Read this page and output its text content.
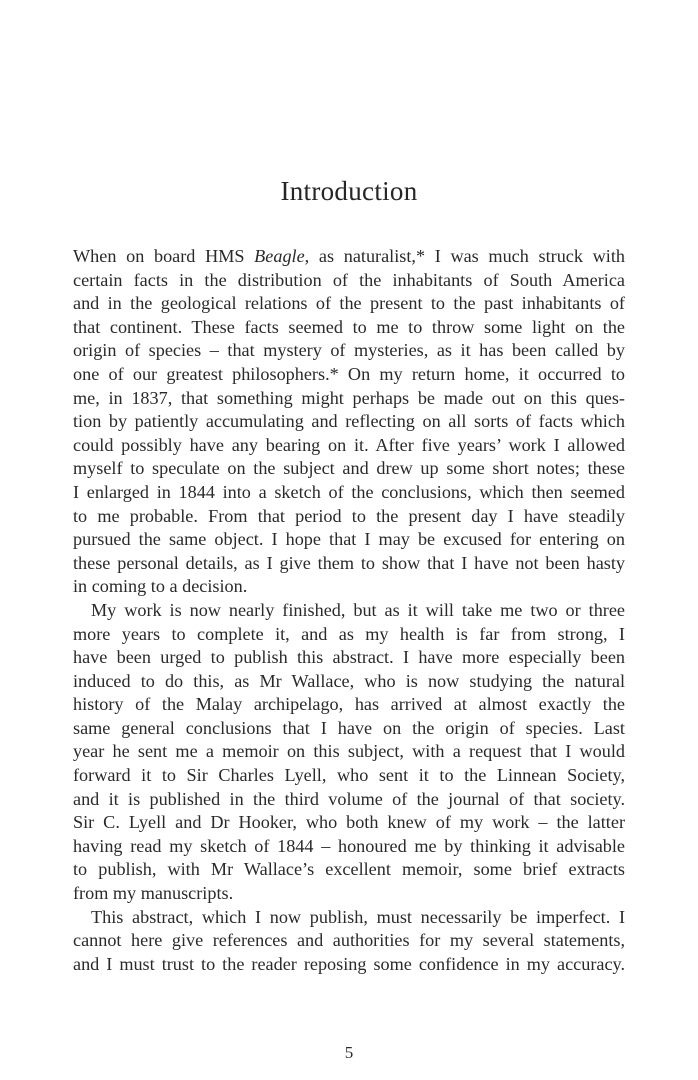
Introduction
When on board HMS Beagle, as naturalist,* I was much struck with
certain facts in the distribution of the inhabitants of South America
and in the geological relations of the present to the past inhabitants of
that continent. These facts seemed to me to throw some light on the
origin of species – that mystery of mysteries, as it has been called by
one of our greatest philosophers.* On my return home, it occurred to
me, in 1837, that something might perhaps be made out on this ques-
tion by patiently accumulating and reflecting on all sorts of facts which
could possibly have any bearing on it. After five years’ work I allowed
myself to speculate on the subject and drew up some short notes; these
I enlarged in 1844 into a sketch of the conclusions, which then seemed
to me probable. From that period to the present day I have steadily
pursued the same object. I hope that I may be excused for entering on
these personal details, as I give them to show that I have not been hasty
in coming to a decision.
My work is now nearly finished, but as it will take me two or three
more years to complete it, and as my health is far from strong, I
have been urged to publish this abstract. I have more especially been
induced to do this, as Mr Wallace, who is now studying the natural
history of the Malay archipelago, has arrived at almost exactly the
same general conclusions that I have on the origin of species. Last
year he sent me a memoir on this subject, with a request that I would
forward it to Sir Charles Lyell, who sent it to the Linnean Society,
and it is published in the third volume of the journal of that society.
Sir C. Lyell and Dr Hooker, who both knew of my work – the latter
having read my sketch of 1844 – honoured me by thinking it advisable
to publish, with Mr Wallace’s excellent memoir, some brief extracts
from my manuscripts.
This abstract, which I now publish, must necessarily be imperfect. I
cannot here give references and authorities for my several statements,
and I must trust to the reader reposing some confidence in my accuracy.
5
